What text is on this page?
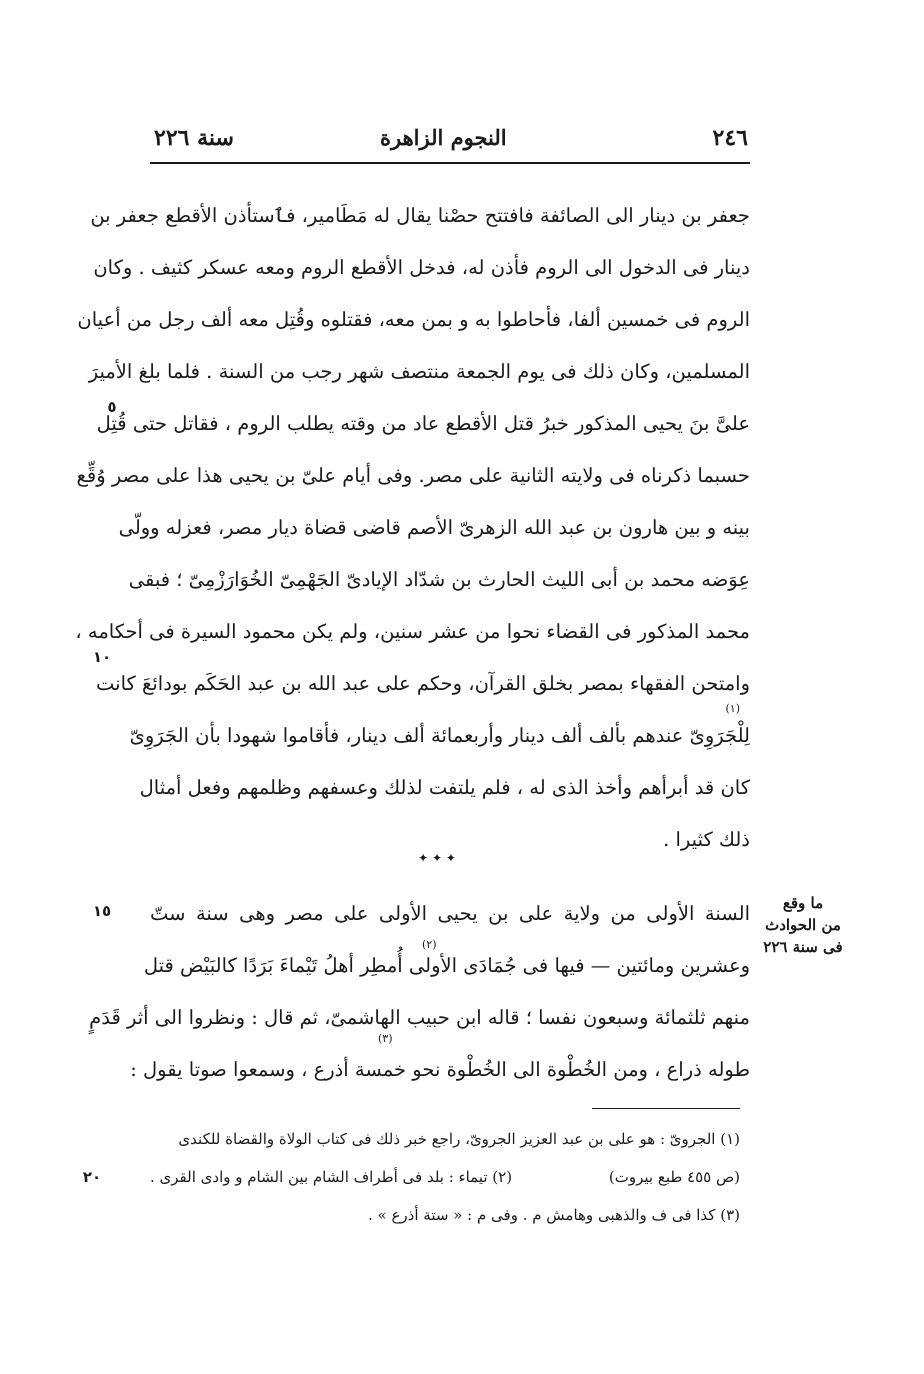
٢٤٦
النجوم الزاهرة
سنة ٢٢٦
جعفر بن دينار الى الصائفة فافتتح حصْنا يقال له مَطَامير، فٱستأذن الأقطع جعفر بن
دينار فى الدخول الى الروم فأذن له، فدخل الأقطع الروم ومعه عسكر كثيف . وكان
الروم فى خمسين ألفا، فأحاطوا به و بمن معه، فقتلوه وقُتِل معه ألف رجل من أعيان
المسلمين، وكان ذلك فى يوم الجمعة منتصف شهر رجب من السنة . فلما بلغ الأميرَ
علىَّ بنَ يحيى المذكور خبرُ قتل الأقطع عاد من وقته يطلب الروم ، فقاتل حتى قُتِل
حسبما ذكرناه فى ولايته الثانية على مصر. وفى أيام علىّ بن يحيى هذا على مصر وُقِّع
بينه و بين هارون بن عبد الله الزهرىّ الأصم قاضى قضاة ديار مصر، فعزله وولّى
عِوَضه محمد بن أبى الليث الحارث بن شدّاد الإيادىّ الجَهْمِىّ الخُوَارَزْمِىّ ؛ فبقى
محمد المذكور فى القضاء نحوا من عشر سنين، ولم يكن محمود السيرة فى أحكامه ،
وامتحن الفقهاء بمصر بخلق القرآن، وحكم على عبد الله بن عبد الحَكَم بودائعَ كانت
(١)
لِلْجَرَوِىّ عندهم بألف ألف دينار وأربعمائة ألف دينار، فأقاموا شهودا بأن الجَرَوِىّ
كان قد أبرأهم وأخذ الذى له ، فلم يلتفت لذلك وعسفهم وظلمهم وفعل أمثال
ذلك كثيرا .
٥
١٠
١٥
٢٠
✦ ✦ ✦
ما وقع
من الحوادث
فى سنة ٢٢٦
السنة الأولى من ولاية على بن يحيى الأولى على مصر وهى سنة ستّ
وعشرين ومائتين — فيها فى جُمَادَى الأولى أُمطِر أهلُ تَيْماءَ بَرَدًا كالبَيْض قتل
منهم ثلثمائة وسبعون نفسا ؛ قاله ابن حبيب الهاشمىّ، ثم قال : ونظروا الى أثر قَدَمٍ
طوله ذراع ، ومن الخُطْوة الى الخُطْوة نحو خمسة أذرع ، وسمعوا صوتا يقول :
(٢)
(٣)
(١) الجروىّ : هو على بن عبد العزيز الجروىّ، راجع خبر ذلك فى كتاب الولاة والقضاة للكندى
(ص ٤٥٥ طبع بيروت)
(٢) تيماء : بلد فى أطراف الشام بين الشام و وادى القرى .
(٣) كذا فى ف والذهبى وهامش م . وفى م : « ستة أذرع » .
